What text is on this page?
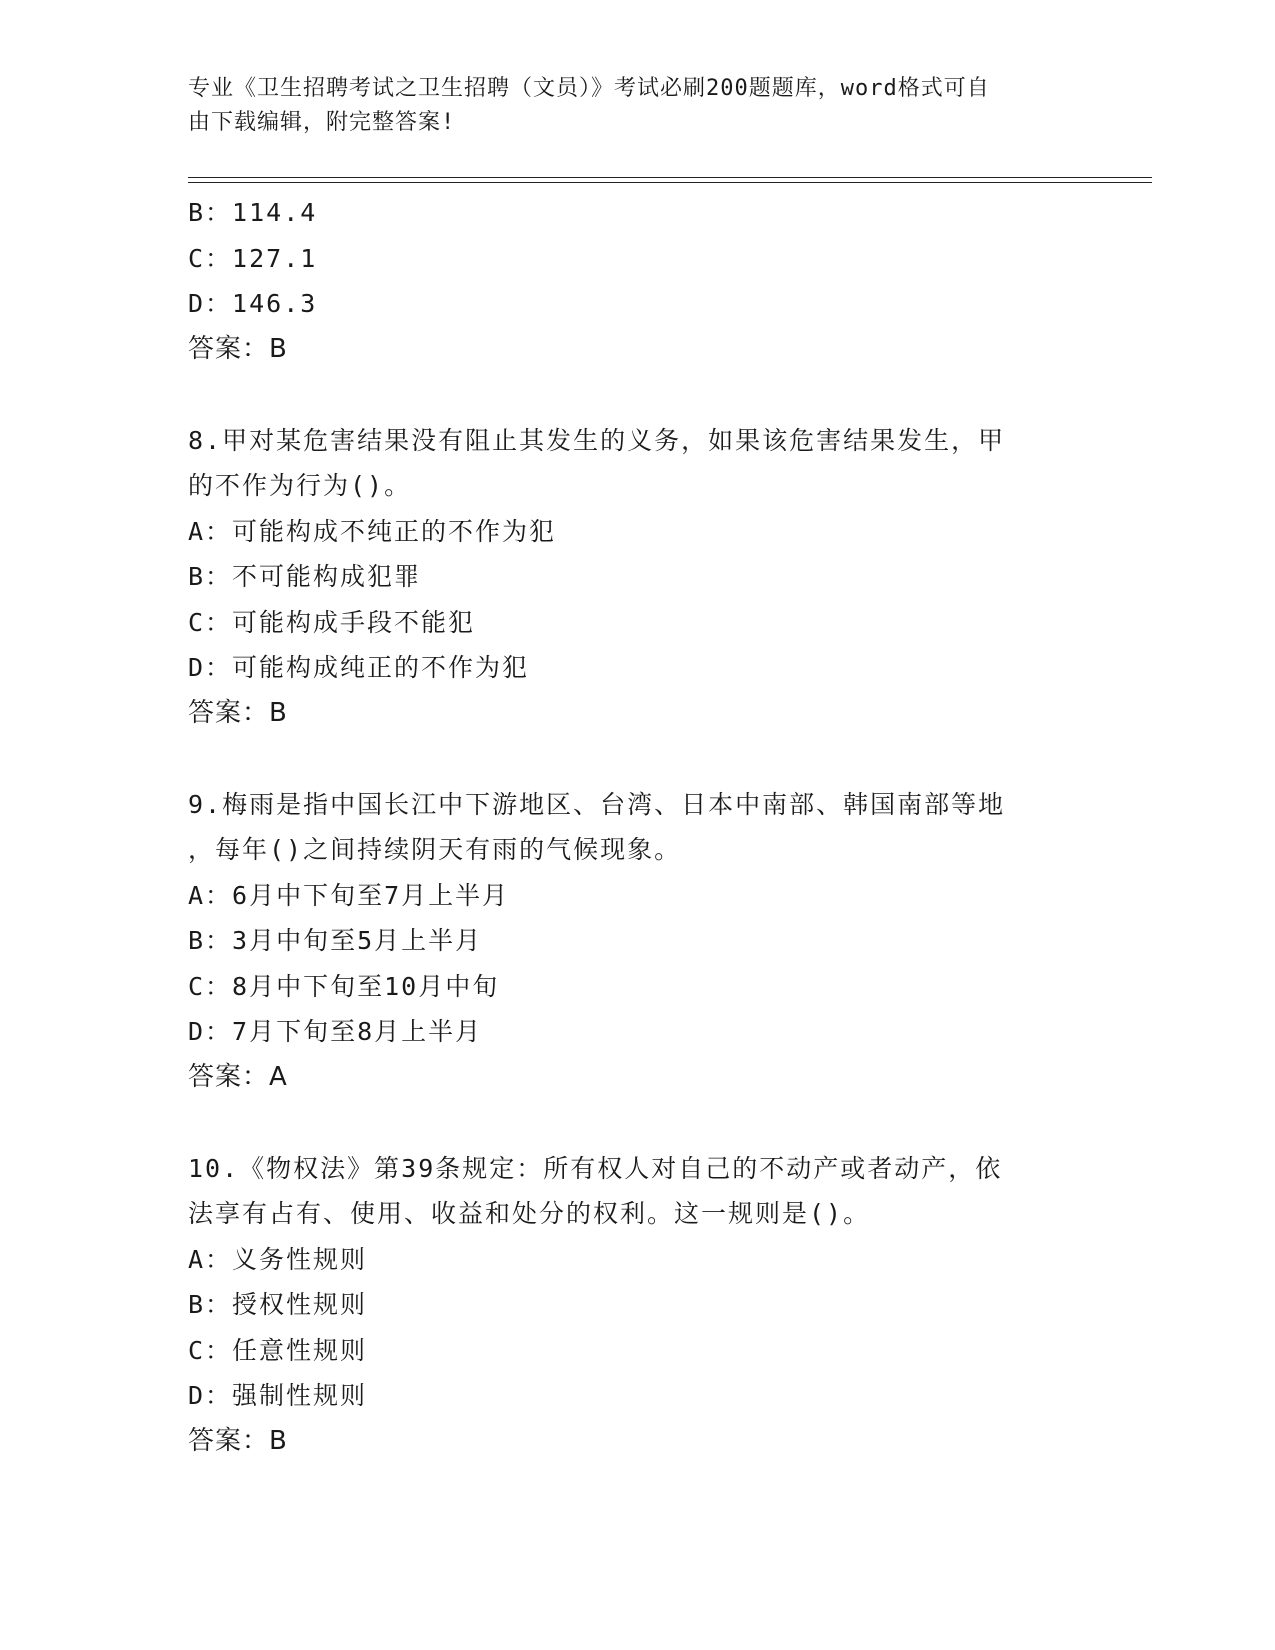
专业《卫生招聘考试之卫生招聘（文员）》考试必刷200题题库，word格式可自
由下载编辑，附完整答案!
B：114.4
C：127.1
D：146.3
答案：B
8.甲对某危害结果没有阻止其发生的义务，如果该危害结果发生，甲
的不作为行为()。
A：可能构成不纯正的不作为犯
B：不可能构成犯罪
C：可能构成手段不能犯
D：可能构成纯正的不作为犯
答案：B
9.梅雨是指中国长江中下游地区、台湾、日本中南部、韩国南部等地
，每年()之间持续阴天有雨的气候现象。
A：6月中下旬至7月上半月
B：3月中旬至5月上半月
C：8月中下旬至10月中旬
D：7月下旬至8月上半月
答案：A
10.《物权法》第39条规定：所有权人对自己的不动产或者动产，依
法享有占有、使用、收益和处分的权利。这一规则是()。
A：义务性规则
B：授权性规则
C：任意性规则
D：强制性规则
答案：B
